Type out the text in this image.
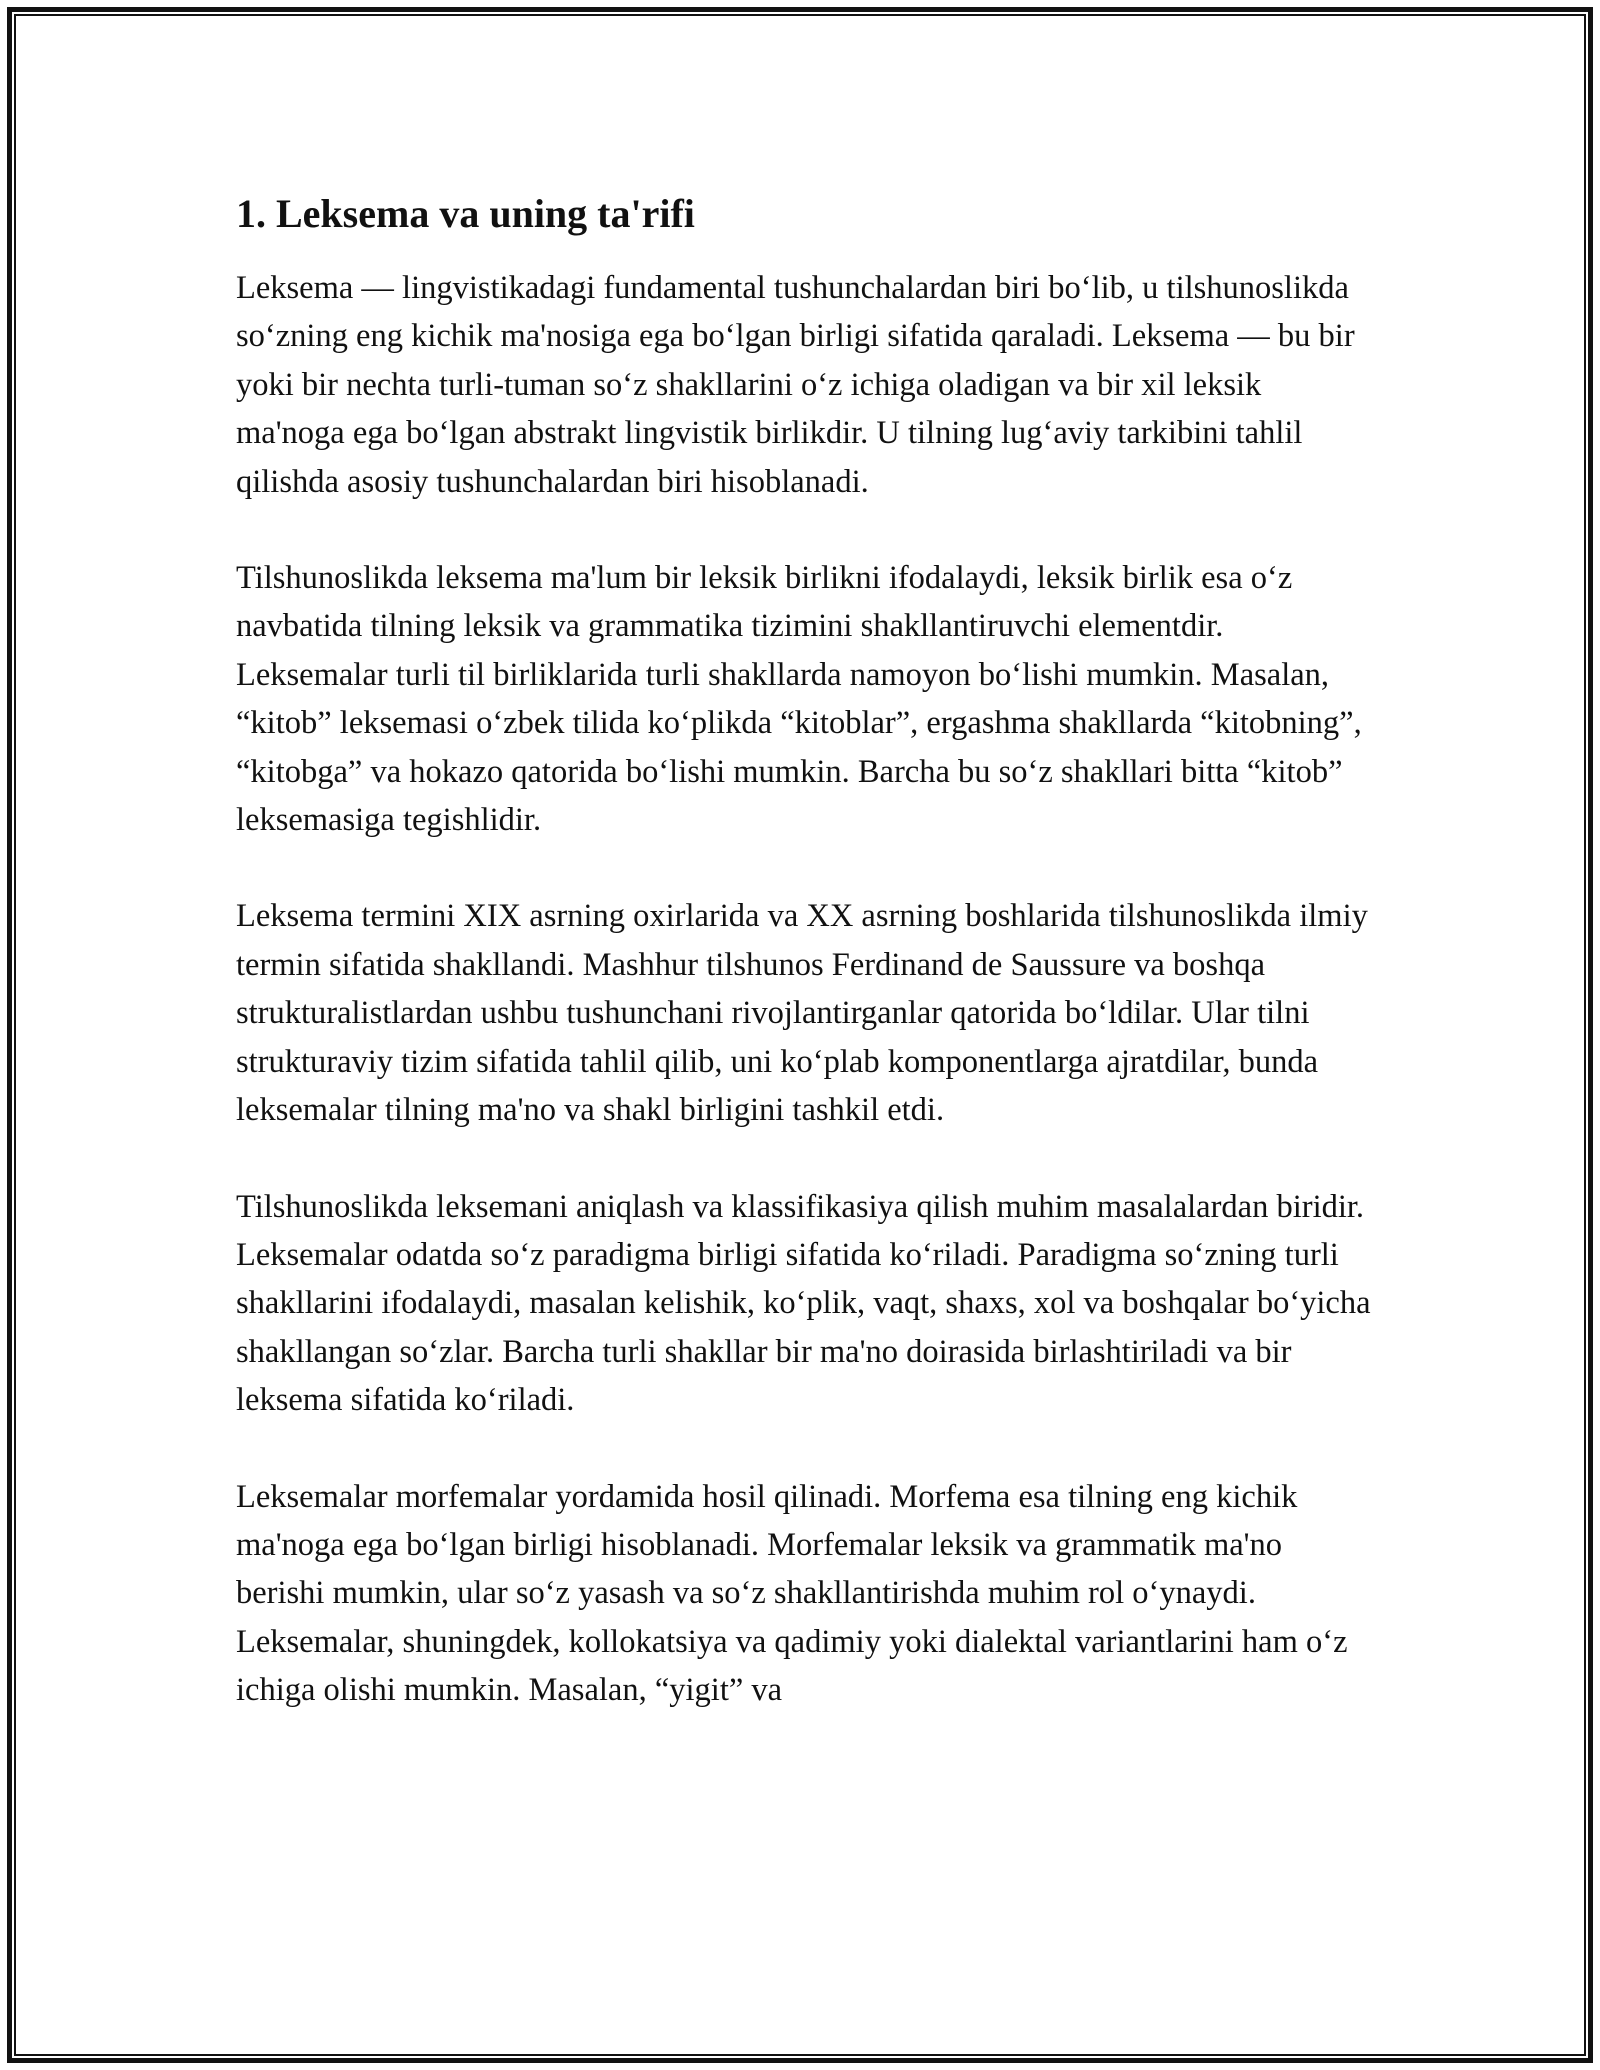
1. Leksema va uning ta'rifi

Leksema — lingvistikadagi fundamental tushunchalardan biri bo‘lib, u tilshunoslikda so‘zning eng kichik ma'nosiga ega bo‘lgan birligi sifatida qaraladi. Leksema — bu bir yoki bir nechta turli-tuman so‘z shakllarini o‘z ichiga oladigan va bir xil leksik ma'noga ega bo‘lgan abstrakt lingvistik birlikdir. U tilning lug‘aviy tarkibini tahlil qilishda asosiy tushunchalardan biri hisoblanadi.

Tilshunoslikda leksema ma'lum bir leksik birlikni ifodalaydi, leksik birlik esa o‘z navbatida tilning leksik va grammatika tizimini shakllantiruvchi elementdir. Leksemalar turli til birliklarida turli shakllarda namoyon bo‘lishi mumkin. Masalan, “kitob” leksemasi o‘zbek tilida ko‘plikda “kitoblar”, ergashma shakllarda “kitobning”, “kitobga” va hokazo qatorida bo‘lishi mumkin. Barcha bu so‘z shakllari bitta “kitob” leksemasiga tegishlidir.

Leksema termini XIX asrning oxirlarida va XX asrning boshlarida tilshunoslikda ilmiy termin sifatida shakllandi. Mashhur tilshunos Ferdinand de Saussure va boshqa strukturalistlardan ushbu tushunchani rivojlantirganlar qatorida bo‘ldilar. Ular tilni strukturaviy tizim sifatida tahlil qilib, uni ko‘plab komponentlarga ajratdilar, bunda leksemalar tilning ma'no va shakl birligini tashkil etdi.

Tilshunoslikda leksemani aniqlash va klassifikasiya qilish muhim masalalardan biridir. Leksemalar odatda so‘z paradigma birligi sifatida ko‘riladi. Paradigma so‘zning turli shakllarini ifodalaydi, masalan kelishik, ko‘plik, vaqt, shaxs, xol va boshqalar bo‘yicha shakllangan so‘zlar. Barcha turli shakllar bir ma'no doirasida birlashtiriladi va bir leksema sifatida ko‘riladi.

Leksemalar morfemalar yordamida hosil qilinadi. Morfema esa tilning eng kichik ma'noga ega bo‘lgan birligi hisoblanadi. Morfemalar leksik va grammatik ma'no berishi mumkin, ular so‘z yasash va so‘z shakllantirishda muhim rol o‘ynaydi. Leksemalar, shuningdek, kollokatsiya va qadimiy yoki dialektal variantlarini ham o‘z ichiga olishi mumkin. Masalan, “yigit” va
